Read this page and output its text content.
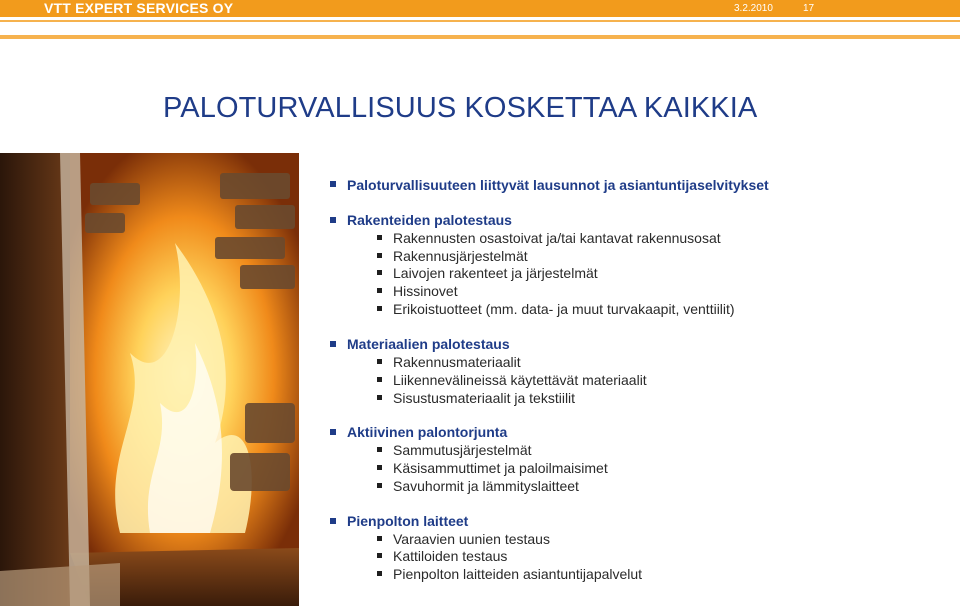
VTT EXPERT SERVICES OY	3.2.2010	17
PALOTURVALLISUUS KOSKETTAA KAIKKIA
Paloturvallisuuteen liittyvät lausunnot ja asiantuntijaselvitykset
Rakenteiden palotestaus
Rakennusten osastoivat ja/tai kantavat rakennusosat
Rakennusjärjestelmät
Laivojen rakenteet ja järjestelmät
Hissinovet
Erikoistuotteet (mm. data- ja muut turvakaapit, venttiilit)
Materiaalien palotestaus
Rakennusmateriaalit
Liikennevälineissä käytettävät materiaalit
Sisustusmateriaalit ja tekstiilit
Aktiivinen palontorjunta
Sammutusjärjestelmät
Käsisammuttimet ja paloilmaisimet
Savuhormit ja lämmityslaitteet
Pienpolton laitteet
Varaavien uunien testaus
Kattiloiden testaus
Pienpolton laitteiden asiantuntijapalvelut
